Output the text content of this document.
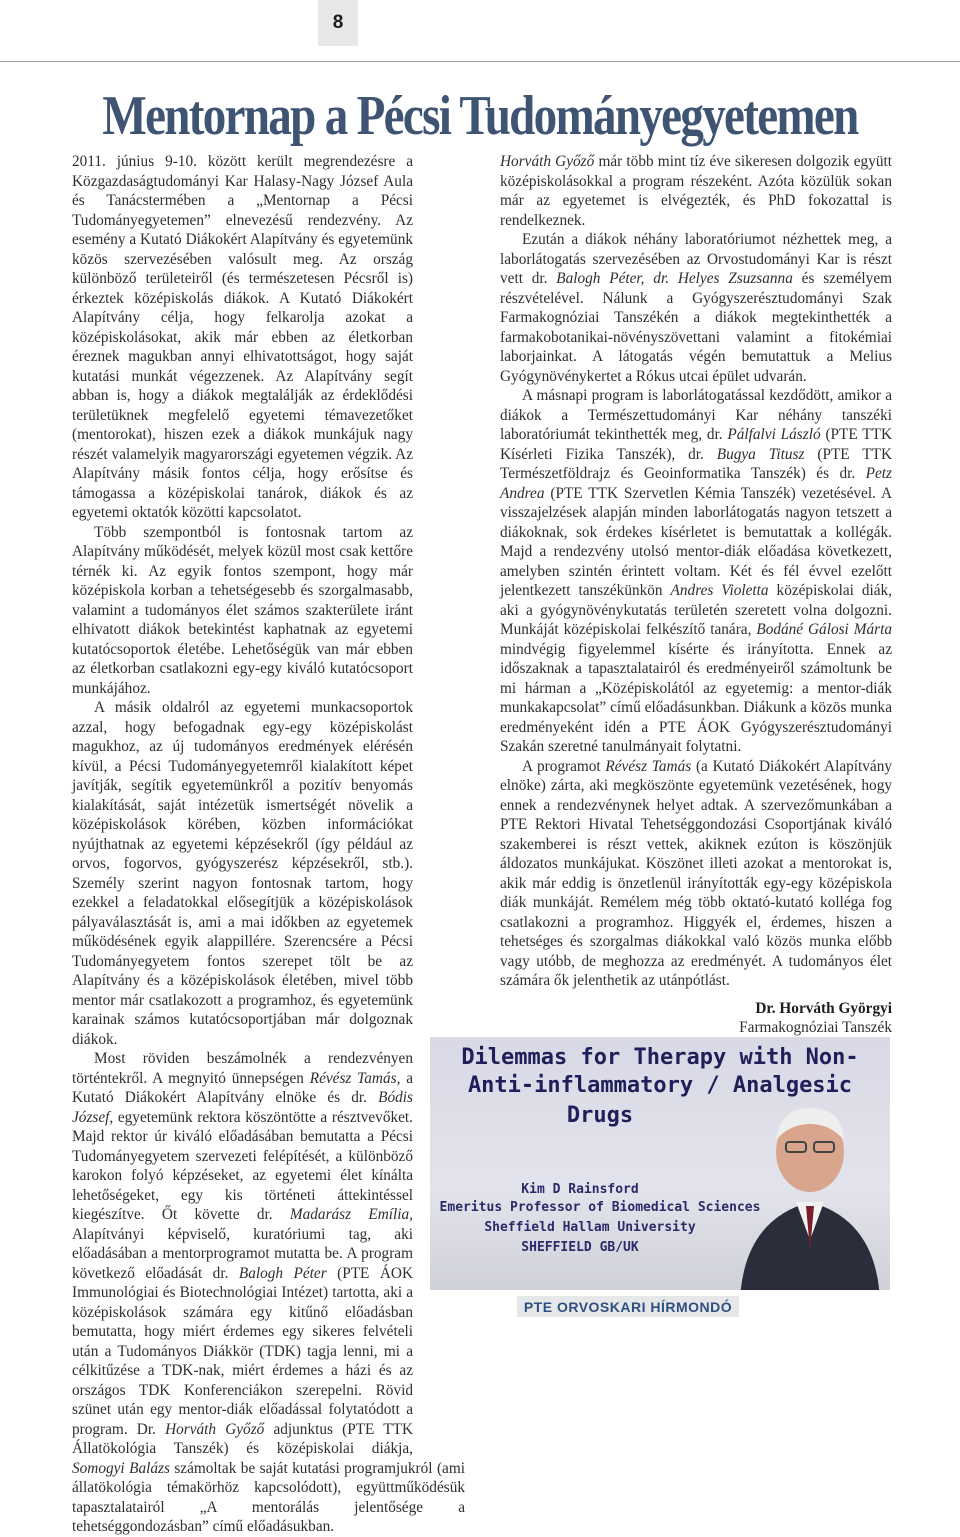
8
Mentornap a Pécsi Tudományegyetemen

2011. június 9-10. között került megrendezésre a Közgazdaságtudományi Kar Halasy-Nagy József Aula és Tanácstermében a „Mentornap a Pécsi Tudományegyetemen” elnevezésű rendezvény. Az esemény a Kutató Diákokért Alapítvány és egyetemünk közös szervezésében valósult meg. Az ország különböző területeiről (és természetesen Pécsről is) érkeztek középiskolás diákok. A Kutató Diákokért Alapítvány célja, hogy felkarolja azokat a középiskolásokat, akik már ebben az életkorban éreznek magukban annyi elhivatottságot, hogy saját kutatási munkát végezzenek. Az Alapítvány segít abban is, hogy a diákok megtalálják az érdeklődési területüknek megfelelő egyetemi témavezetőket (mentorokat), hiszen ezek a diákok munkájuk nagy részét valamelyik magyarországi egyetemen végzik. Az Alapítvány másik fontos célja, hogy erősítse és támogassa a középiskolai tanárok, diákok és az egyetemi oktatók közötti kapcsolatot.

Több szempontból is fontosnak tartom az Alapítvány működését, melyek közül most csak kettőre térnék ki. Az egyik fontos szempont, hogy már középiskola korban a tehetségesebb és szorgalmasabb, valamint a tudományos élet számos szakterülete iránt elhivatott diákok betekintést kaphatnak az egyetemi kutatócsoportok életébe. Lehetőségük van már ebben az életkorban csatlakozni egy-egy kiváló kutatócsoport munkájához.

A másik oldalról az egyetemi munkacsoportok azzal, hogy befogadnak egy-egy középiskolást magukhoz, az új tudományos eredmények elérésén kívül, a Pécsi Tudományegyetemről kialakított képet javítják, segítik egyetemünkről a pozitív benyomás kialakítását, saját intézetük ismertségét növelik a középiskolások körében, közben információkat nyújthatnak az egyetemi képzésekről (így például az orvos, fogorvos, gyógyszerész képzésekről, stb.). Személy szerint nagyon fontosnak tartom, hogy ezekkel a feladatokkal elősegítjük a középiskolások pályaválasztását is, ami a mai időkben az egyetemek működésének egyik alappillére. Szerencsére a Pécsi Tudományegyetem fontos szerepet tölt be az Alapítvány és a középiskolások életében, mivel több mentor már csatlakozott a programhoz, és egyetemünk karainak számos kutatócsoportjában már dolgoznak diákok.

Most röviden beszámolnék a rendezvényen történtekről. A megnyitó ünnepségen Révész Tamás, a Kutató Diákokért Alapítvány elnöke és dr. Bódis József, egyetemünk rektora köszöntötte a résztvevőket. Majd rektor úr kiváló előadásában bemutatta a Pécsi Tudományegyetem szervezeti felépítését, a különböző karokon folyó képzéseket, az egyetemi élet kínálta lehetőségeket, egy kis történeti áttekintéssel kiegészítve. Őt követte dr. Madarász Emília, Alapítványi képviselő, kuratóriumi tag, aki előadásában a mentorprogramot mutatta be. A program következő előadását dr. Balogh Péter (PTE ÁOK Immunológiai és Biotechnológiai Intézet) tartotta, aki a középiskolások számára egy kitűnő előadásban bemutatta, hogy miért érdemes egy sikeres felvételi után a Tudományos Diákkör (TDK) tagja lenni, mi a célkitűzése a TDK-nak, miért érdemes a házi és az országos TDK Konferenciákon szerepelni. Rövid szünet után egy mentor-diák előadással folytatódott a program. Dr. Horváth Győző adjunktus (PTE TTK Állatökológia Tanszék) és középiskolai diákja, Somogyi Balázs számoltak be saját kutatási programjukról (ami állatökológia témakörhöz kapcsolódott), együttműködésük tapasztalatairól „A mentorálás jelentősége a tehetséggondozásban” című előadásukban.

Horváth Győző már több mint tíz éve sikeresen dolgozik együtt középiskolásokkal a program részeként. Azóta közülük sokan már az egyetemet is elvégezték, és PhD fokozattal is rendelkeznek.

Ezután a diákok néhány laboratóriumot nézhettek meg, a laborlátogatás szervezésében az Orvostudományi Kar is részt vett dr. Balogh Péter, dr. Helyes Zsuzsanna és személyem részvételével. Nálunk a Gyógyszerésztudományi Szak Farmakognóziai Tanszékén a diákok megtekinthették a farmakobotanikai-növényszövettani valamint a fitokémiai laborjainkat. A látogatás végén bemutattuk a Melius Gyógynövénykertet a Rókus utcai épület udvarán.

A másnapi program is laborlátogatással kezdődött, amikor a diákok a Természettudományi Kar néhány tanszéki laboratóriumát tekinthették meg, dr. Pálfalvi László (PTE TTK Kísérleti Fizika Tanszék), dr. Bugya Titusz (PTE TTK Természetföldrajz és Geoinformatika Tanszék) és dr. Petz Andrea (PTE TTK Szervetlen Kémia Tanszék) vezetésével. A visszajelzések alapján minden laborlátogatás nagyon tetszett a diákoknak, sok érdekes kísérletet is bemutattak a kollégák. Majd a rendezvény utolsó mentor-diák előadása következett, amelyben szintén érintett voltam. Két és fél évvel ezelőtt jelentkezett tanszékünkön Andres Violetta középiskolai diák, aki a gyógynövénykutatás területén szeretett volna dolgozni. Munkáját középiskolai felkészítő tanára, Bodáné Gálosi Márta mindvégig figyelemmel kísérte és irányította. Ennek az időszaknak a tapasztalatairól és eredményeiről számoltunk be mi hárman a „Középiskolától az egyetemig: a mentor-diák munkakapcsolat” című előadásunkban. Diákunk a közös munka eredményeként idén a PTE ÁOK Gyógyszerésztudományi Szakán szeretné tanulmányait folytatni.

A programot Révész Tamás (a Kutató Diákokért Alapítvány elnöke) zárta, aki megköszönte egyetemünk vezetésének, hogy ennek a rendezvénynek helyet adtak. A szervezőmunkában a PTE Rektori Hivatal Tehetséggondozási Csoportjának kiváló szakemberei is részt vettek, akiknek ezúton is köszönjük áldozatos munkájukat. Köszönet illeti azokat a mentorokat is, akik már eddig is önzetlenül irányították egy-egy középiskola diák munkáját. Remélem még több oktató-kutató kolléga fog csatlakozni a programhoz. Higgyék el, érdemes, hiszen a tehetséges és szorgalmas diákokkal való közös munka előbb vagy utóbb, de meghozza az eredményét. A tudományos élet számára ők jelenthetik az utánpótlást.

Dr. Horváth Györgyi
Farmakognóziai Tanszék

Dilemmas for Therapy with Non-
Anti-inflammatory / Analgesic
Drugs
Kim D Rainsford
Emeritus Professor of Biomedical Sciences
Sheffield Hallam University
SHEFFIELD GB/UK
PTE ORVOSKARI HÍRMONDÓ
